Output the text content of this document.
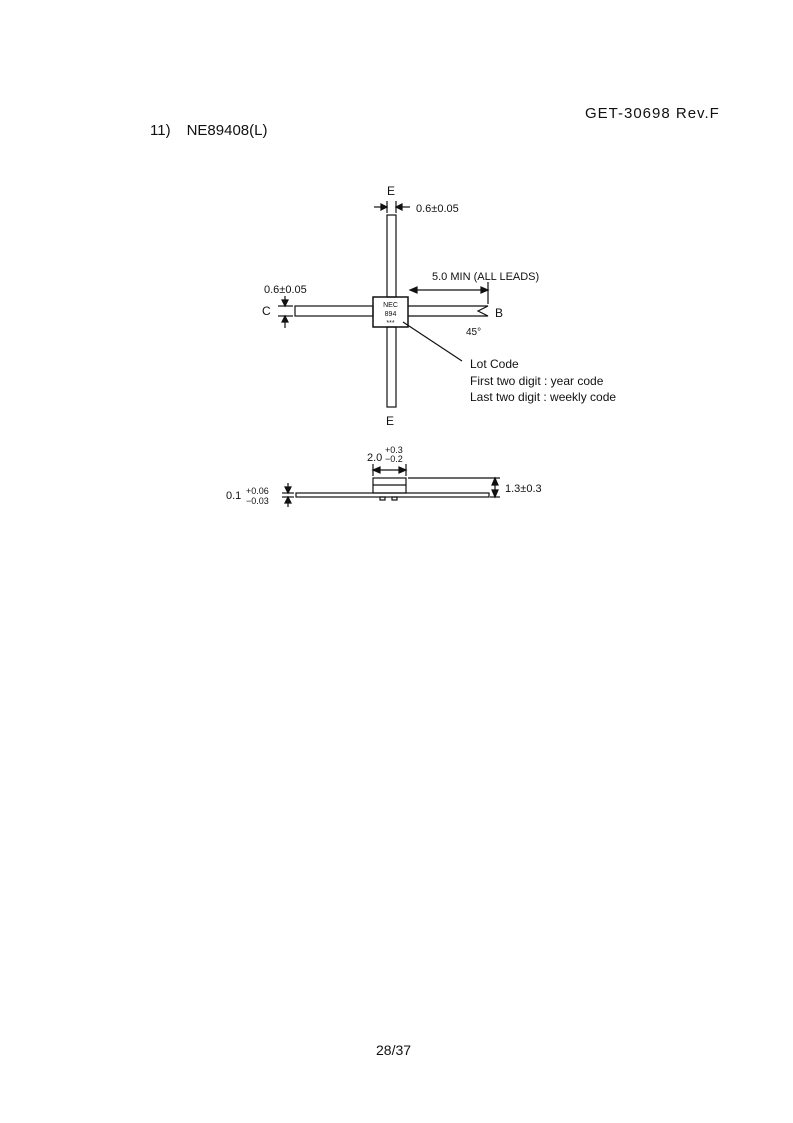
GET-30698 Rev.F
11) NE89408(L)
E
0.6±0.05
5.0 MIN (ALL LEADS)
0.6±0.05
C	B
45°
NEC
894
***
E
Lot Code
First two digit : year code
Last two digit : weekly code
2.0
+0.3
−0.2
1.3±0.3
0.1 +0.06
−0.03
28/37
